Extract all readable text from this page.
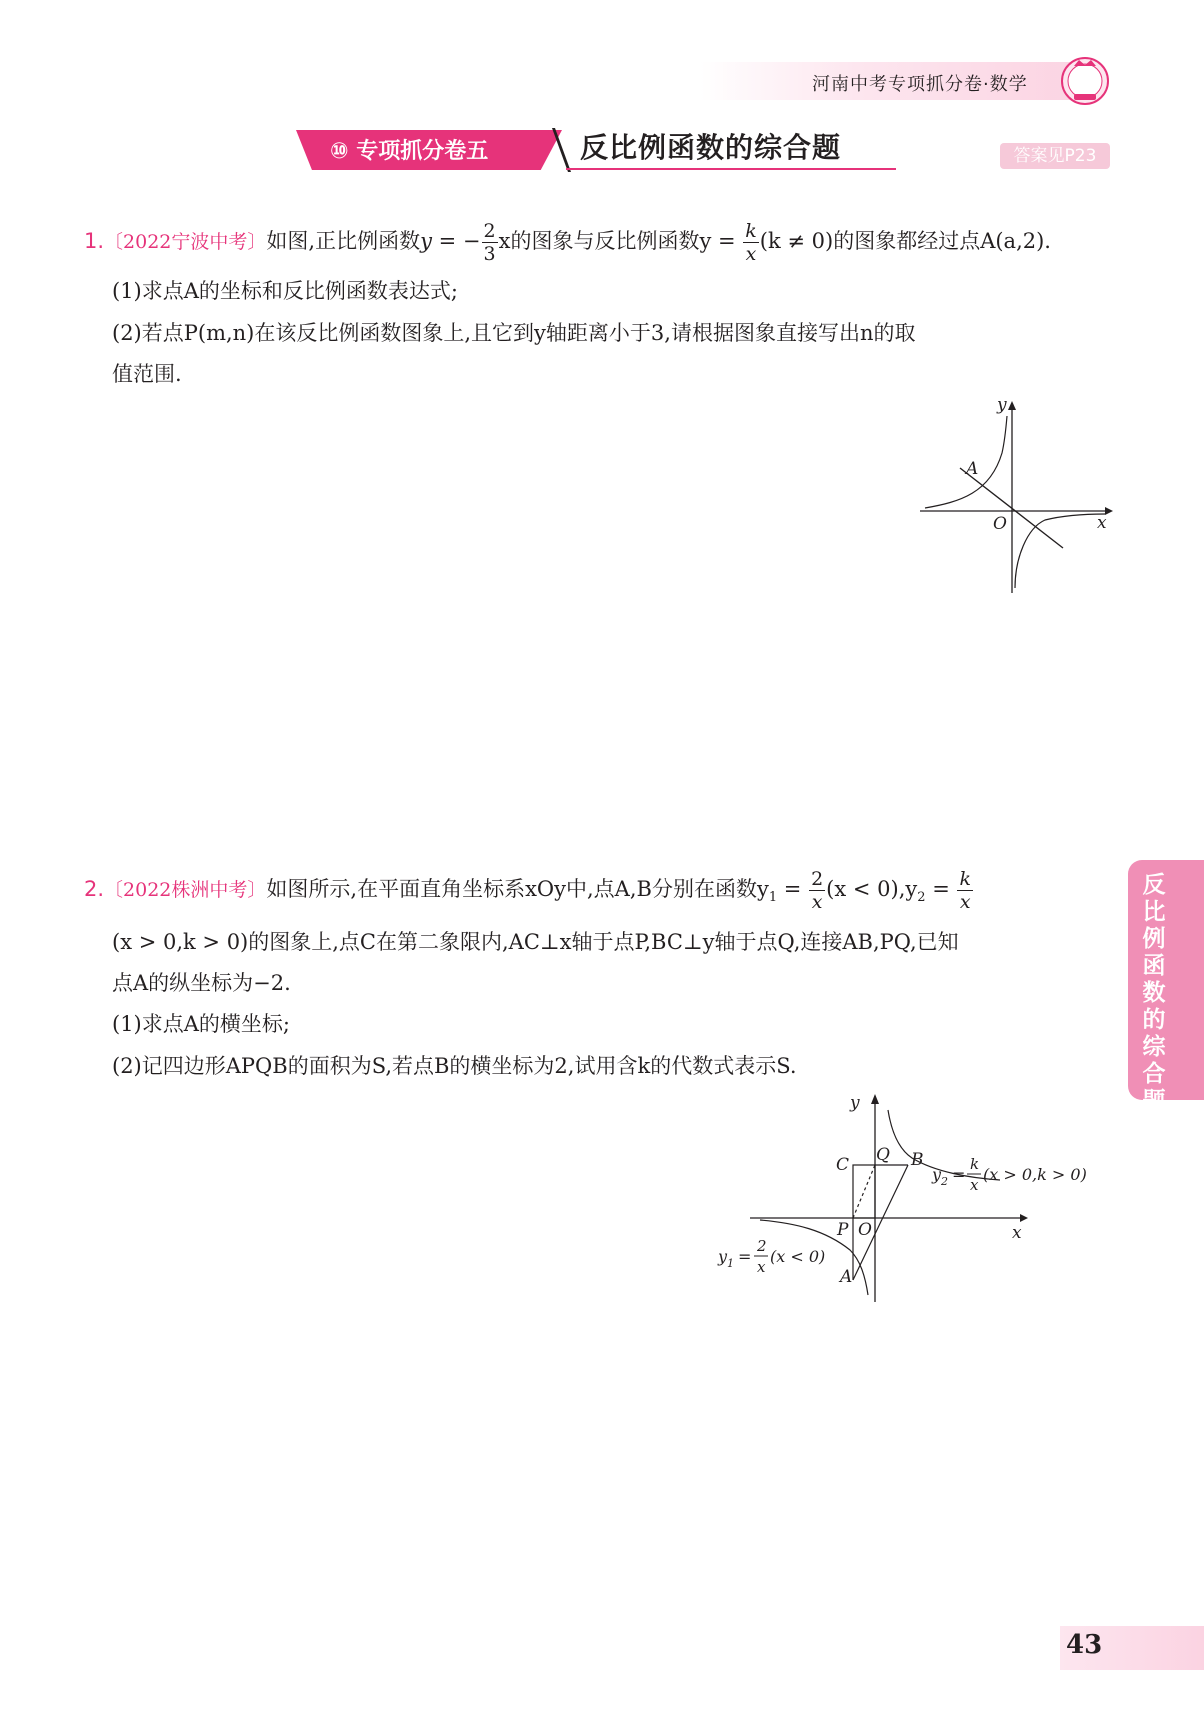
河南中考专项抓分卷·数学
⑩ 专项抓分卷五	反比例函数的综合题	答案见P23
1.〔2022宁波中考〕如图,正比例函数y = − $\frac{2}{3}$ x的图象与反比例函数$y = \frac{k}{x} (k \ne 0)$的图象都经过点A(a,2).
(1)求点A的坐标和反比例函数表达式;
(2)若点P(m,n)在该反比例函数图象上,且它到y轴距离小于3,请根据图象直接写出n的取
值范围.
y
x
O
A
2.〔2022株洲中考〕如图所示,在平面直角坐标系xOy中,点A,B分别在函数$y_1 = \frac{2}{x} (x < 0),y_2 = \frac{k}{x}$
(x > 0,k > 0)的图象上,点C在第二象限内,AC⊥x轴于点P,BC⊥y轴于点Q,连接AB,PQ,已知
点A的纵坐标为−2.
(1)求点A的横坐标;
(2)记四边形APQB的面积为S,若点B的横坐标为2,试用含k的代数式表示S.
y
x
C Q B
P O
A
y 2 =
k
x
(x > 0,k > 0)
y 1 =
2
x
(x < 0)
反比例函数的综合题
43
